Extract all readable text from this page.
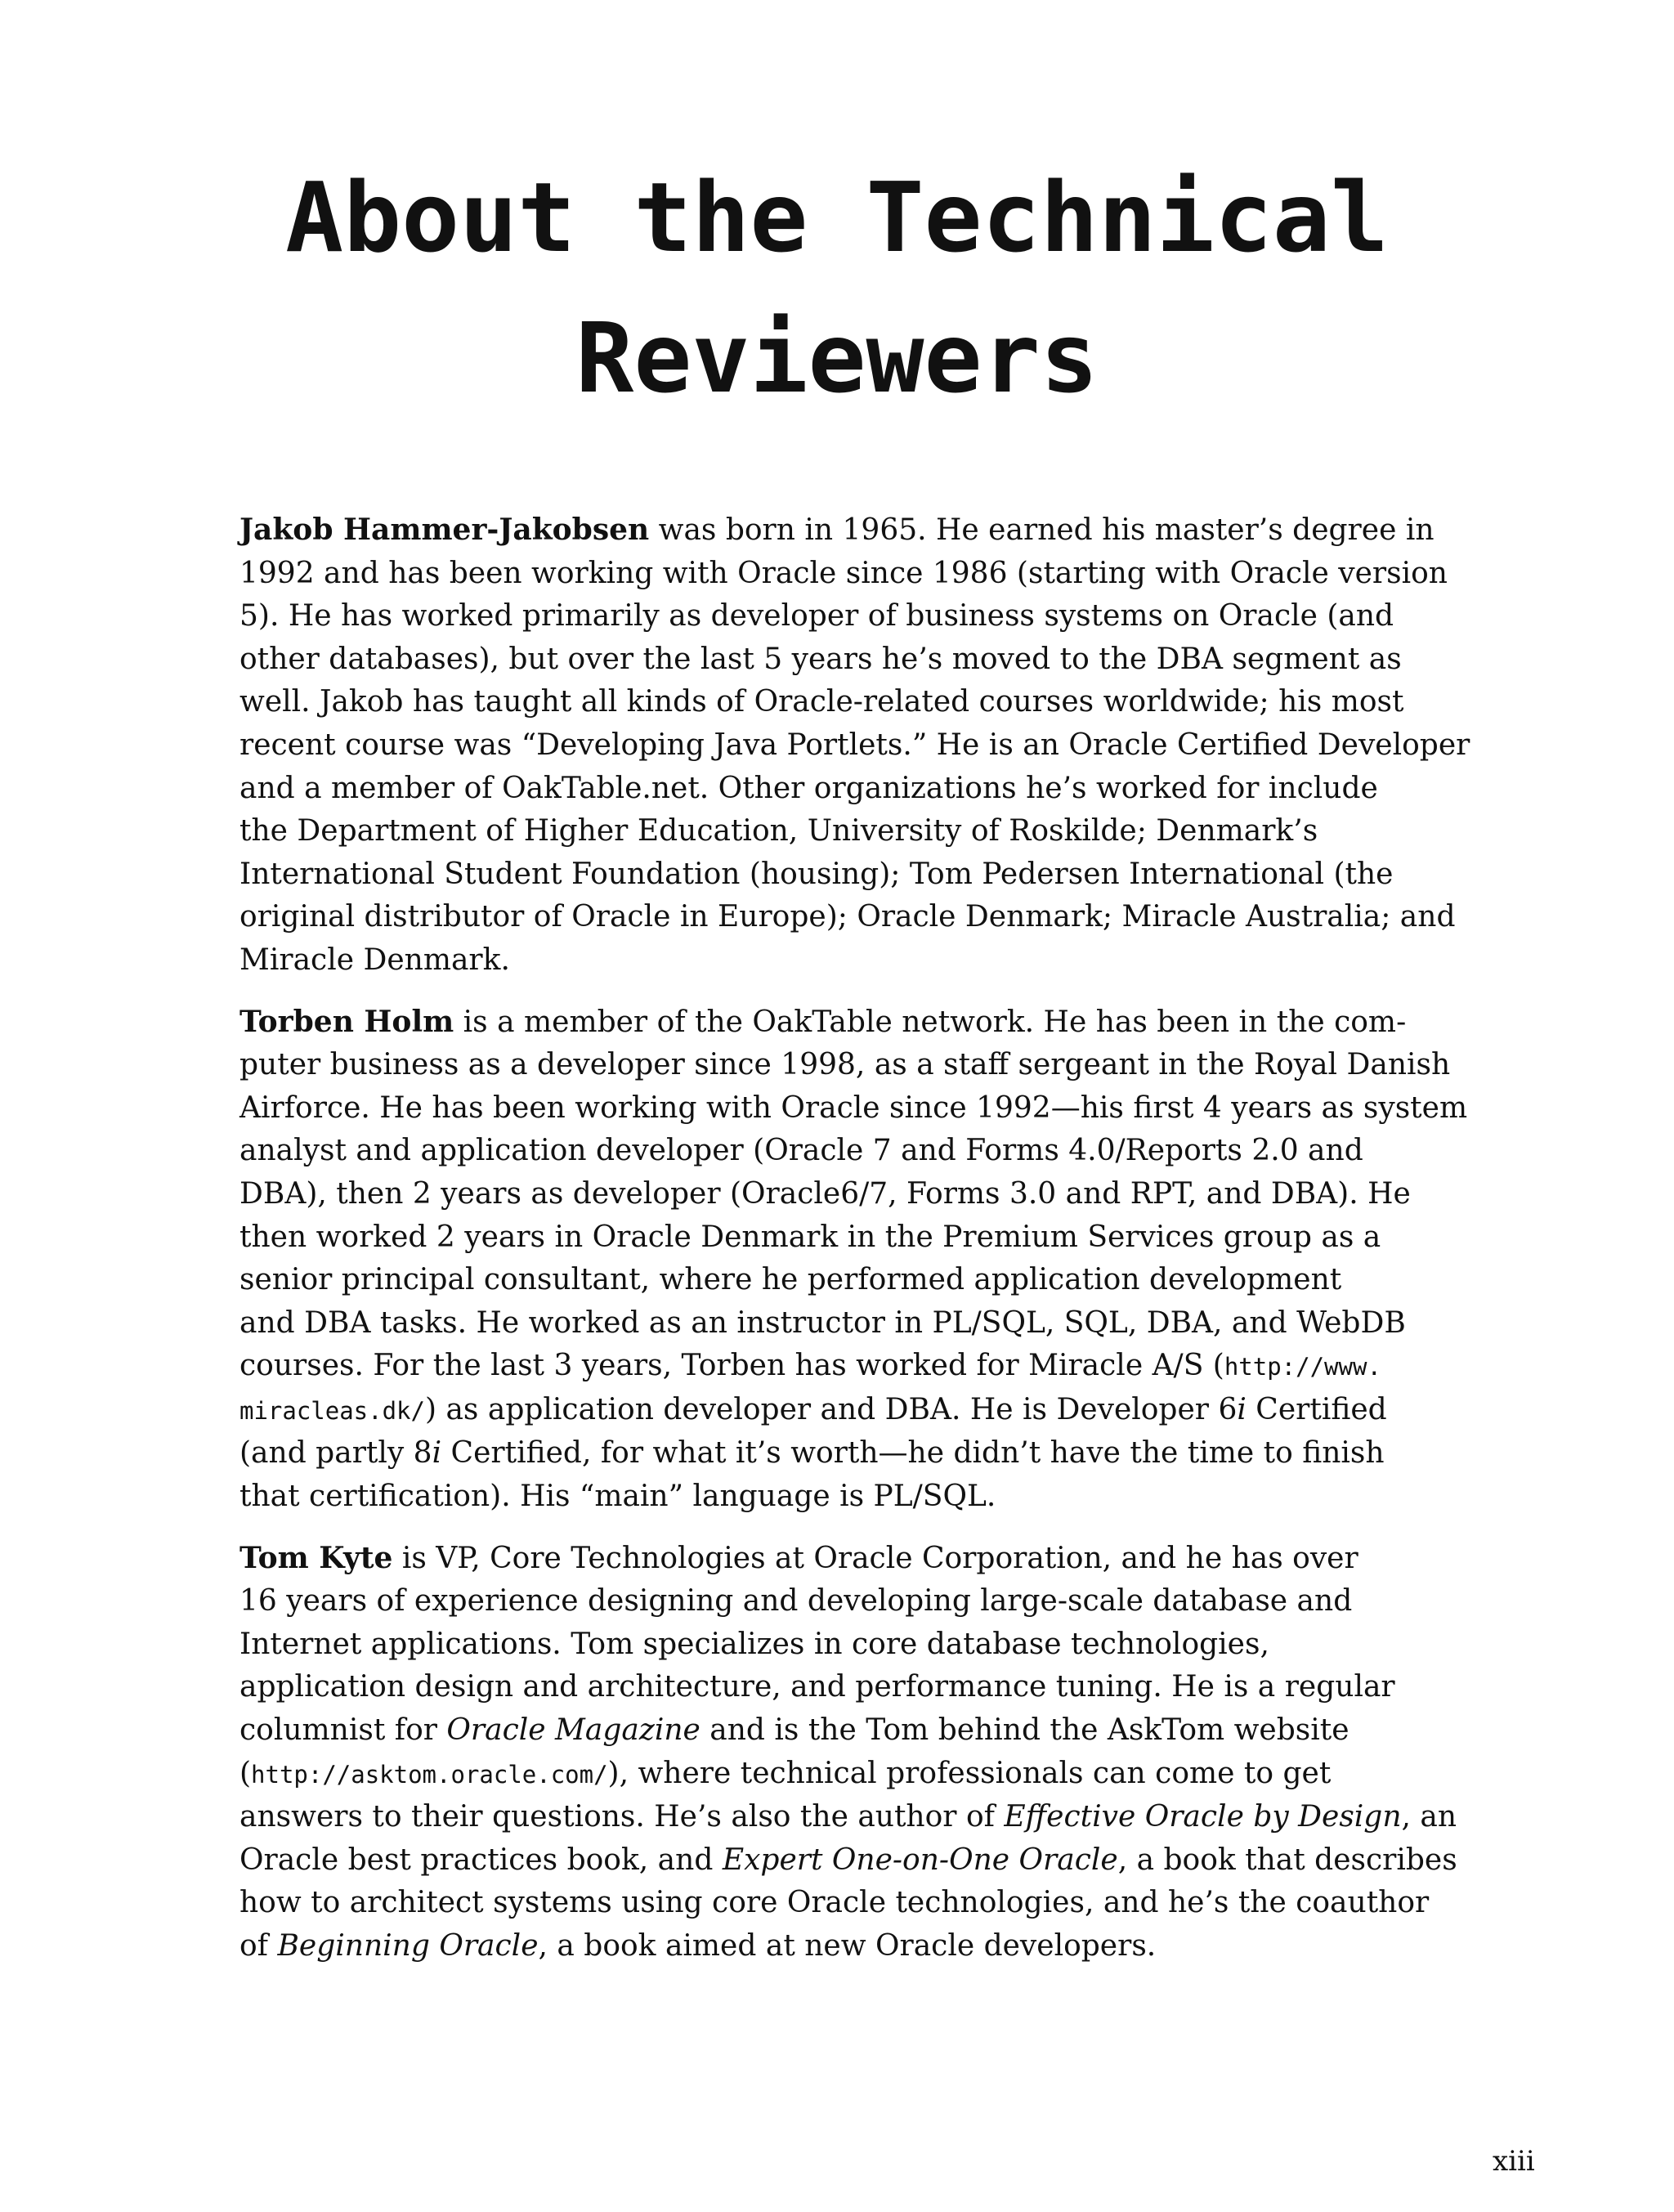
About the Technical
Reviewers

Jakob Hammer-Jakobsen was born in 1965. He earned his master’s degree in
1992 and has been working with Oracle since 1986 (starting with Oracle version
5). He has worked primarily as developer of business systems on Oracle (and
other databases), but over the last 5 years he’s moved to the DBA segment as
well. Jakob has taught all kinds of Oracle-related courses worldwide; his most
recent course was “Developing Java Portlets.” He is an Oracle Certified Developer
and a member of OakTable.net. Other organizations he’s worked for include
the Department of Higher Education, University of Roskilde; Denmark’s
International Student Foundation (housing); Tom Pedersen International (the
original distributor of Oracle in Europe); Oracle Denmark; Miracle Australia; and
Miracle Denmark.

Torben Holm is a member of the OakTable network. He has been in the com-
puter business as a developer since 1998, as a staff sergeant in the Royal Danish
Airforce. He has been working with Oracle since 1992—his first 4 years as system
analyst and application developer (Oracle 7 and Forms 4.0/Reports 2.0 and
DBA), then 2 years as developer (Oracle6/7, Forms 3.0 and RPT, and DBA). He
then worked 2 years in Oracle Denmark in the Premium Services group as a
senior principal consultant, where he performed application development
and DBA tasks. He worked as an instructor in PL/SQL, SQL, DBA, and WebDB
courses. For the last 3 years, Torben has worked for Miracle A/S (http://www.
miracleas.dk/) as application developer and DBA. He is Developer 6i Certified
(and partly 8i Certified, for what it’s worth—he didn’t have the time to finish
that certification). His “main” language is PL/SQL.

Tom Kyte is VP, Core Technologies at Oracle Corporation, and he has over
16 years of experience designing and developing large-scale database and
Internet applications. Tom specializes in core database technologies,
application design and architecture, and performance tuning. He is a regular
columnist for Oracle Magazine and is the Tom behind the AskTom website
(http://asktom.oracle.com/), where technical professionals can come to get
answers to their questions. He’s also the author of Effective Oracle by Design, an
Oracle best practices book, and Expert One-on-One Oracle, a book that describes
how to architect systems using core Oracle technologies, and he’s the coauthor
of Beginning Oracle, a book aimed at new Oracle developers.

xiii
